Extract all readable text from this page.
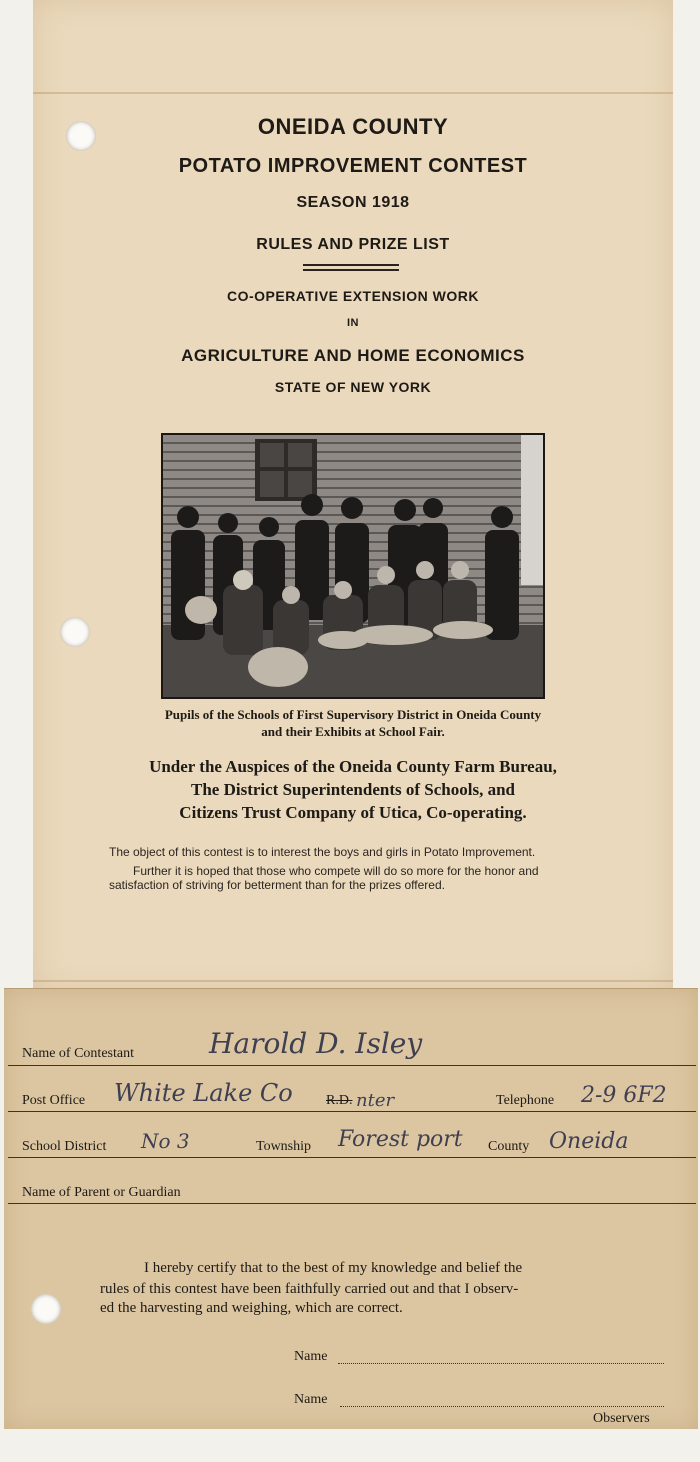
ONEIDA COUNTY
POTATO IMPROVEMENT CONTEST
SEASON 1918
RULES AND PRIZE LIST
CO-OPERATIVE EXTENSION WORK
IN
AGRICULTURE AND HOME ECONOMICS
STATE OF NEW YORK
Pupils of the Schools of First Supervisory District in Oneida County
and their Exhibits at School Fair.
Under the Auspices of the Oneida County Farm Bureau,
The District Superintendents of Schools, and
Citizens Trust Company of Utica, Co-operating.
The object of this contest is to interest the boys and girls in Potato Improvement.
Further it is hoped that those who compete will do so more for the honor and
satisfaction of striving for betterment than for the prizes offered.
Name of Contestant	Harold D. Isley
Post Office White Lake Co R.D. nter	Telephone 2-9 6F2
School District No 3	Township Forest port County Oneida
Name of Parent or Guardian
I hereby certify that to the best of my knowledge and belief the
rules of this contest have been faithfully carried out and that I observ-
ed the harvesting and weighing, which are correct.
Name
Name
Observers
